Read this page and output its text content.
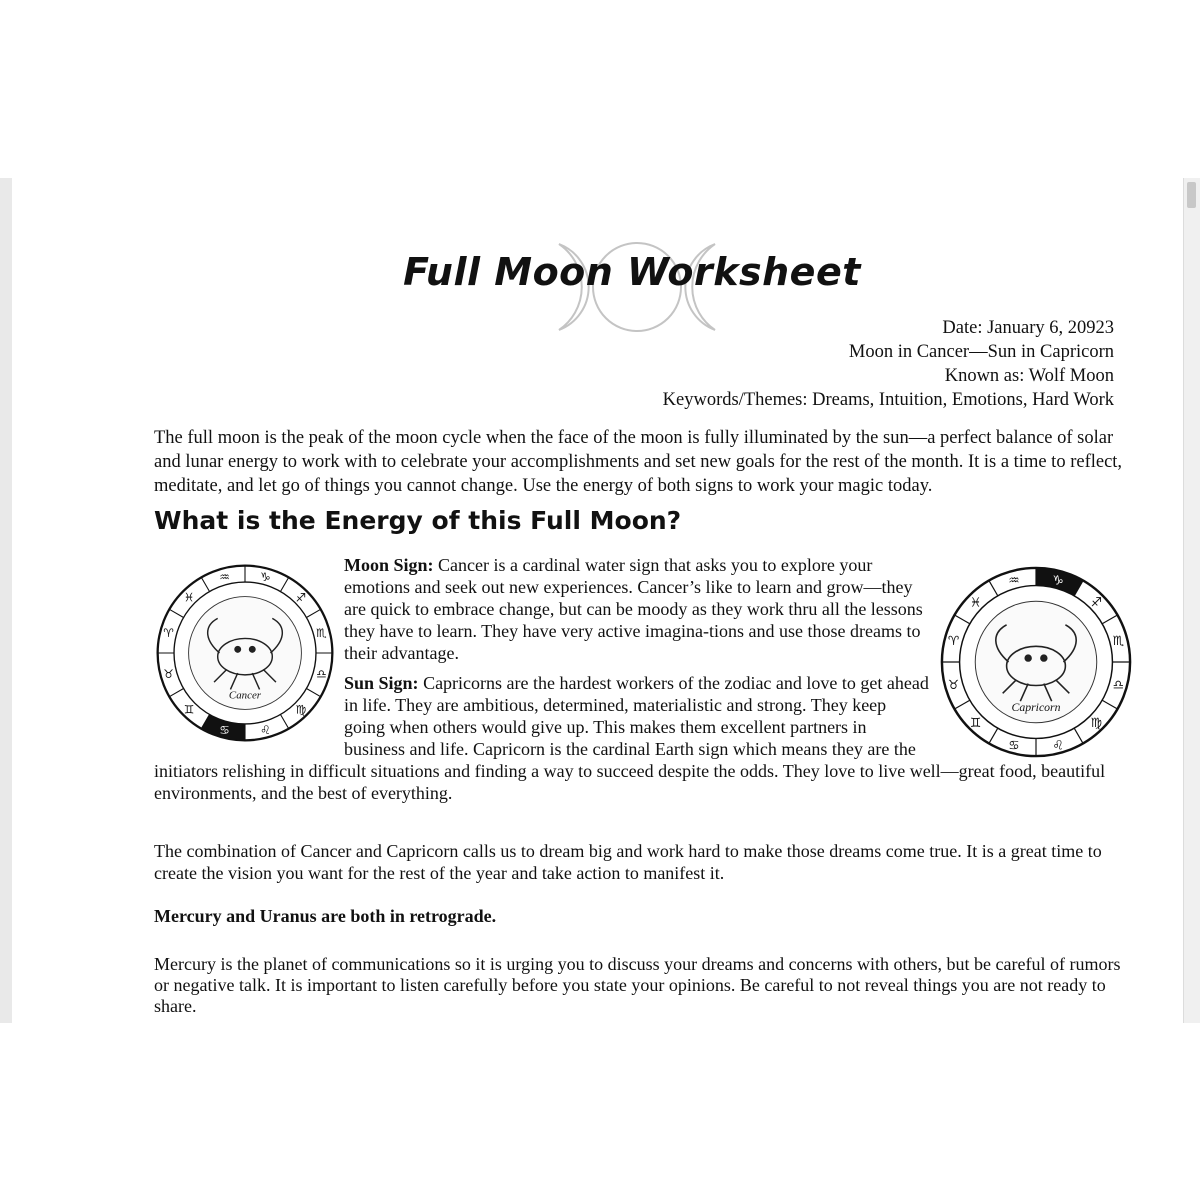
Full Moon Worksheet
Date: January 6, 20923
Moon in Cancer—Sun in Capricorn
Known as: Wolf Moon
Keywords/Themes: Dreams, Intuition, Emotions, Hard Work

The full moon is the peak of the moon cycle when the face of the moon is fully illuminated by the sun—a perfect balance of solar and lunar energy to work with to celebrate your accomplishments and set new goals for the rest of the month. It is a time to reflect, meditate, and let go of things you cannot change. Use the energy of both signs to work your magic today.

What is the Energy of this Full Moon?
♑
♐
♏
♎
♍
♌
♋
♊
♉
♈
♓
♒
Cancer
♑
♐
♏
♎
♍
♌
♋
♊
♉
♈
♓
♒
Capricorn

Moon Sign: Cancer is a cardinal water sign that asks you to explore your emotions and seek out new experiences. Cancer’s like to learn and grow—they are quick to embrace change, but can be moody as they work thru all the lessons they have to learn. They have very active imagina-tions and use those dreams to their advantage.

Sun Sign: Capricorns are the hardest workers of the zodiac and love to get ahead in life. They are ambitious, determined, materialistic and strong. They keep going when others would give up. This makes them excellent partners in business and life. Capricorn is the cardinal Earth sign which means they are the initiators relishing in difficult situations and finding a way to succeed despite the odds. They love to live well—great food, beautiful environments, and the best of everything.

The combination of Cancer and Capricorn calls us to dream big and work hard to make those dreams come true. It is a great time to create the vision you want for the rest of the year and take action to manifest it.

Mercury and Uranus are both in retrograde.

Mercury is the planet of communications so it is urging you to discuss your dreams and concerns with others, but be careful of rumors or negative talk. It is important to listen carefully before you state your opinions. Be careful to not reveal things you are not ready to share.
